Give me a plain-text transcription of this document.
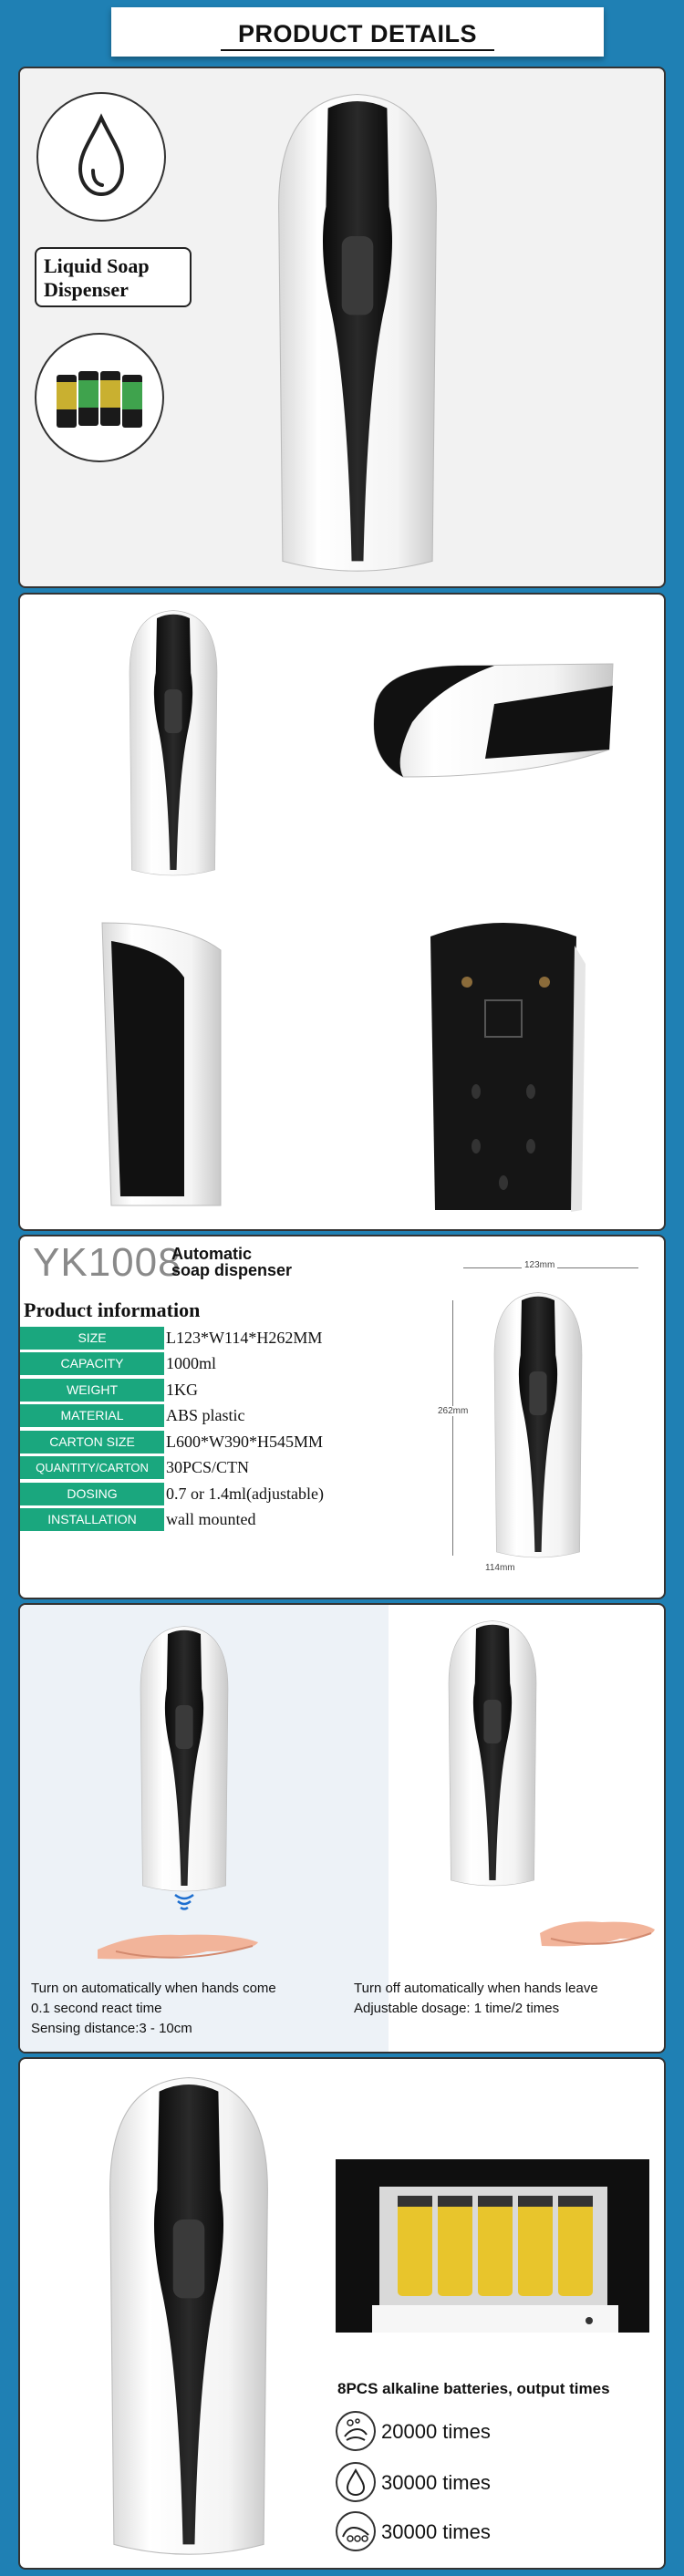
PRODUCT DETAILS
Liquid Soap
Dispenser
YK1008
Automatic
soap dispenser
Product information
SIZE	L123*W114*H262MM
CAPACITY	1000ml
WEIGHT	1KG
MATERIAL	ABS plastic
CARTON SIZE	L600*W390*H545MM
QUANTITY/CARTON	30PCS/CTN
DOSING	0.7 or 1.4ml(adjustable)
INSTALLATION	wall mounted
123mm
262mm
114mm
Turn on automatically when hands come
0.1 second react time
Sensing distance:3 - 10cm
Turn off automatically when hands leave
Adjustable dosage: 1 time/2 times
8PCS alkaline batteries, output times
20000 times
30000 times
30000 times
